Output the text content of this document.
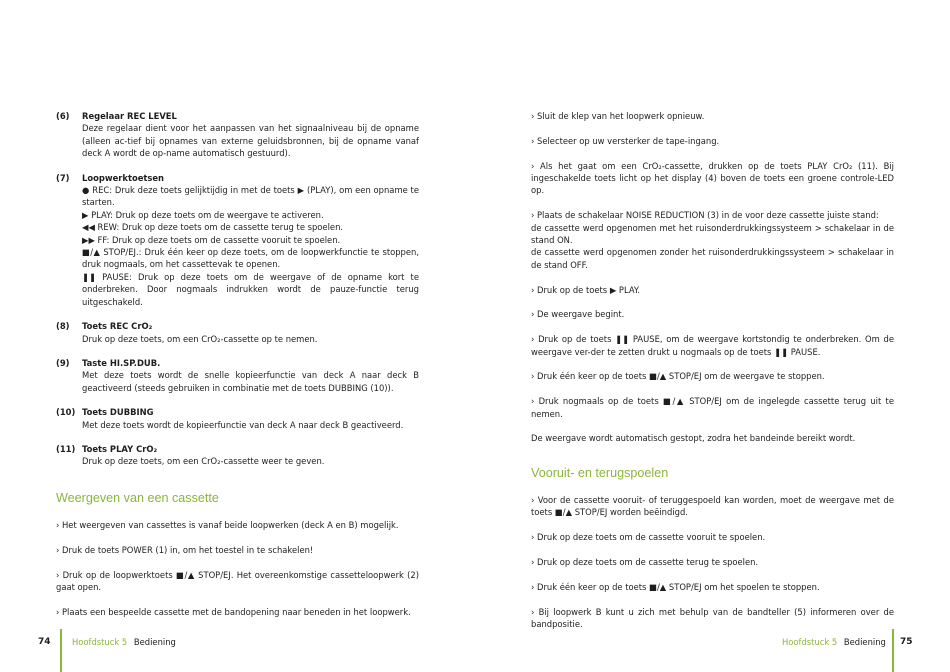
(6) Regelaar REC LEVEL
Deze regelaar dient voor het aanpassen van het signaalniveau bij de opname (alleen ac-tief bij opnames van externe geluidsbronnen, bij de opname vanaf deck A wordt de op-name automatisch gestuurd).
(7) Loopwerktoetsen
● REC: Druk deze toets gelijktijdig in met de toets ▶ (PLAY), om een opname te starten.
▶ PLAY: Druk op deze toets om de weergave te activeren.
◀◀ REW: Druk op deze toets om de cassette terug te spoelen.
▶▶ FF: Druk op deze toets om de cassette vooruit te spoelen.
■/▲ STOP/EJ.: Druk één keer op deze toets, om de loopwerkfunctie te stoppen, druk nogmaals, om het cassettevak te openen.
❚❚ PAUSE: Druk op deze toets om de weergave of de opname kort te onderbreken. Door nogmaals indrukken wordt de pauze-functie terug uitgeschakeld.
(8) Toets REC CrO₂
Druk op deze toets, om een CrO₂-cassette op te nemen.
(9) Taste HI.SP.DUB.
Met deze toets wordt de snelle kopieerfunctie van deck A naar deck B geactiveerd (steeds gebruiken in combinatie met de toets DUBBING (10)).
(10) Toets DUBBING
Met deze toets wordt de kopieerfunctie van deck A naar deck B geactiveerd.
(11) Toets PLAY CrO₂
Druk op deze toets, om een CrO₂-cassette weer te geven.
Weergeven van een cassette

› Het weergeven van cassettes is vanaf beide loopwerken (deck A en B) mogelijk.

› Druk de toets POWER (1) in, om het toestel in te schakelen!

› Druk op de loopwerktoets ■/▲ STOP/EJ. Het overeenkomstige cassetteloopwerk (2) gaat open.

› Plaats een bespeelde cassette met de bandopening naar beneden in het loopwerk.

› Sluit de klep van het loopwerk opnieuw.

› Selecteer op uw versterker de tape-ingang.

› Als het gaat om een CrO₂-cassette, drukken op de toets PLAY CrO₂ (11). Bij ingeschakelde toets licht op het display (4) boven de toets een groene controle-LED op.

› Plaats de schakelaar NOISE REDUCTION (3) in de voor deze cassette juiste stand:
de cassette werd opgenomen met het ruisonderdrukkingssysteem > schakelaar in de stand ON.
de cassette werd opgenomen zonder het ruisonderdrukkingssysteem > schakelaar in de stand OFF.

› Druk op de toets ▶ PLAY.

› De weergave begint.

› Druk op de toets ❚❚ PAUSE, om de weergave kortstondig te onderbreken. Om de weergave ver-der te zetten drukt u nogmaals op de toets ❚❚ PAUSE.

› Druk één keer op de toets ■/▲ STOP/EJ om de weergave te stoppen.

› Druk nogmaals op de toets ■/▲ STOP/EJ om de ingelegde cassette terug uit te nemen.

De weergave wordt automatisch gestopt, zodra het bandeinde bereikt wordt.

Vooruit- en terugspoelen

› Voor de cassette vooruit- of teruggespoeld kan worden, moet de weergave met de toets ■/▲ STOP/EJ worden beëindigd.

› Druk op deze toets om de cassette vooruit te spoelen.

› Druk op deze toets om de cassette terug te spoelen.

› Druk één keer op de toets ■/▲ STOP/EJ om het spoelen te stoppen.

› Bij loopwerk B kunt u zich met behulp van de bandteller (5) informeren over de bandpositie.

74	Hoofdstuck 5 Bediening	Hoofdstuck 5 Bediening 75
